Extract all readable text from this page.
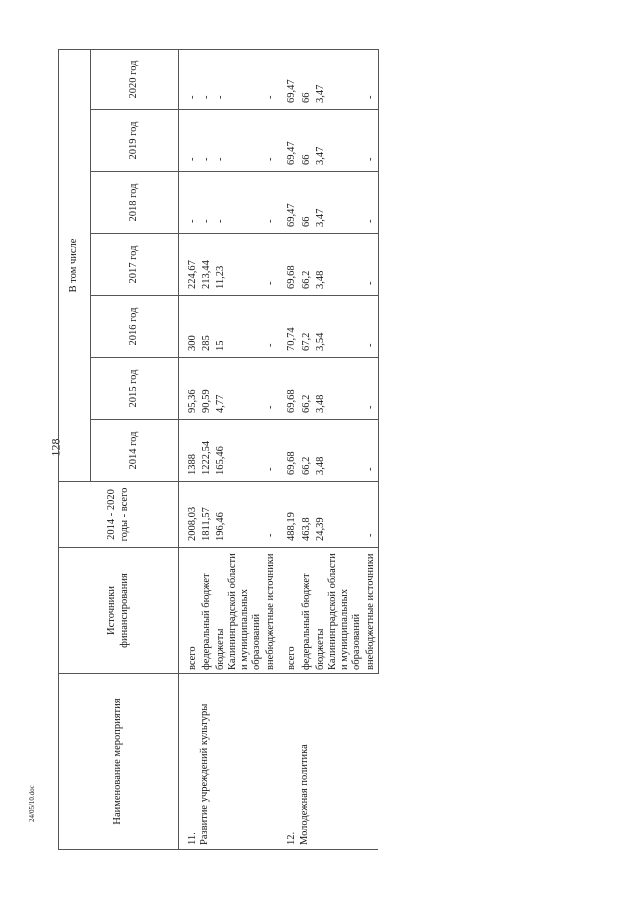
128
24/05/10.doc	Наименование мероприятия	Источники финансирования	2014 - 2020 годы - всего	В том числе						
			2014 год	2015 год	2016 год	2017 год	2018 год	2019 год	2020 год
11.Развитие учреждений культуры	всего	2008,03	1388	95,36	300	224,67	-	-	-
	федеральный бюджет	1811,57	1222,54	90,59	285	213,44	-	-	-
	бюджеты Калининградской области и муниципальных образований	196,46	165,46	4,77	15	11,23	-	-	-
	внебюджетные источники	-	-	-	-	-	-	-	-
12.Молодежная политика	всего	488,19	69,68	69,68	70,74	69,68	69,47	69,47	69,47
	федеральный бюджет	463,8	66,2	66,2	67,2	66,2	66	66	66
	бюджеты Калининградской области и муниципальных образований	24,39	3,48	3,48	3,54	3,48	3,47	3,47	3,47
	внебюджетные источники	-	-	-	-	-	-	-	-
